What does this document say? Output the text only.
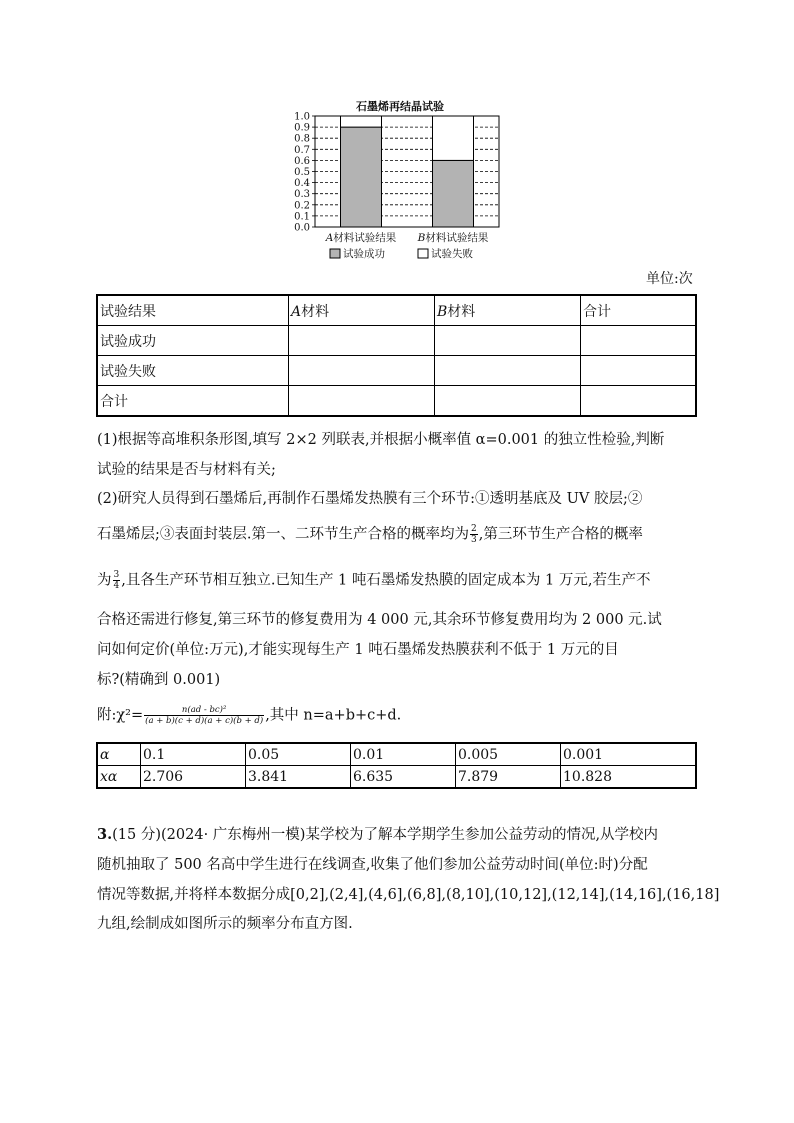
石墨烯再结晶试验
0.0
0.1
0.2
0.3
0.4
0.5
0.6
0.7
0.8
0.9
1.0
A材料试验结果 B材料试验结果
试验成功	试验失败
单位:次
试验结果	A材料	B材料	合计
试验成功			
试验失败			
合计			
(1)根据等高堆积条形图,填写 2×2 列联表,并根据小概率值 α=0.001 的独立性检验,判断
试验的结果是否与材料有关;
(2)研究人员得到石墨烯后,再制作石墨烯发热膜有三个环节:①透明基底及 UV 胶层;②
石墨烯层;③表面封装层.第一、二环节生产合格的概率均为 $\frac{2}{3}$ ,第三环节生产合格的概率
为 $\frac{3}{4}$ ,且各生产环节相互独立.已知生产 1 吨石墨烯发热膜的固定成本为 1 万元,若生产不
合格还需进行修复,第三环节的修复费用为 4 000 元,其余环节修复费用均为 2 000 元.试
问如何定价(单位:万元),才能实现每生产 1 吨石墨烯发热膜获利不低于 1 万元的目
标?(精确到 0.001)
附:χ²= $\frac{\text{n(ad - bc)²}}{(a + b)(c + d)(a + c)(b + d)}$ ,其中 n=a+b+c+d.
α	0.1	0.05	0.01	0.005	0.001
xα	2.706	3.841	6.635	7.879	10.828
3.(15 分)(2024· 广东梅州一模)某学校为了解本学期学生参加公益劳动的情况,从学校内
随机抽取了 500 名高中学生进行在线调查,收集了他们参加公益劳动时间(单位:时)分配
情况等数据,并将样本数据分成[0,2],(2,4],(4,6],(6,8],(8,10],(10,12],(12,14],(14,16],(16,18]
九组,绘制成如图所示的频率分布直方图.
